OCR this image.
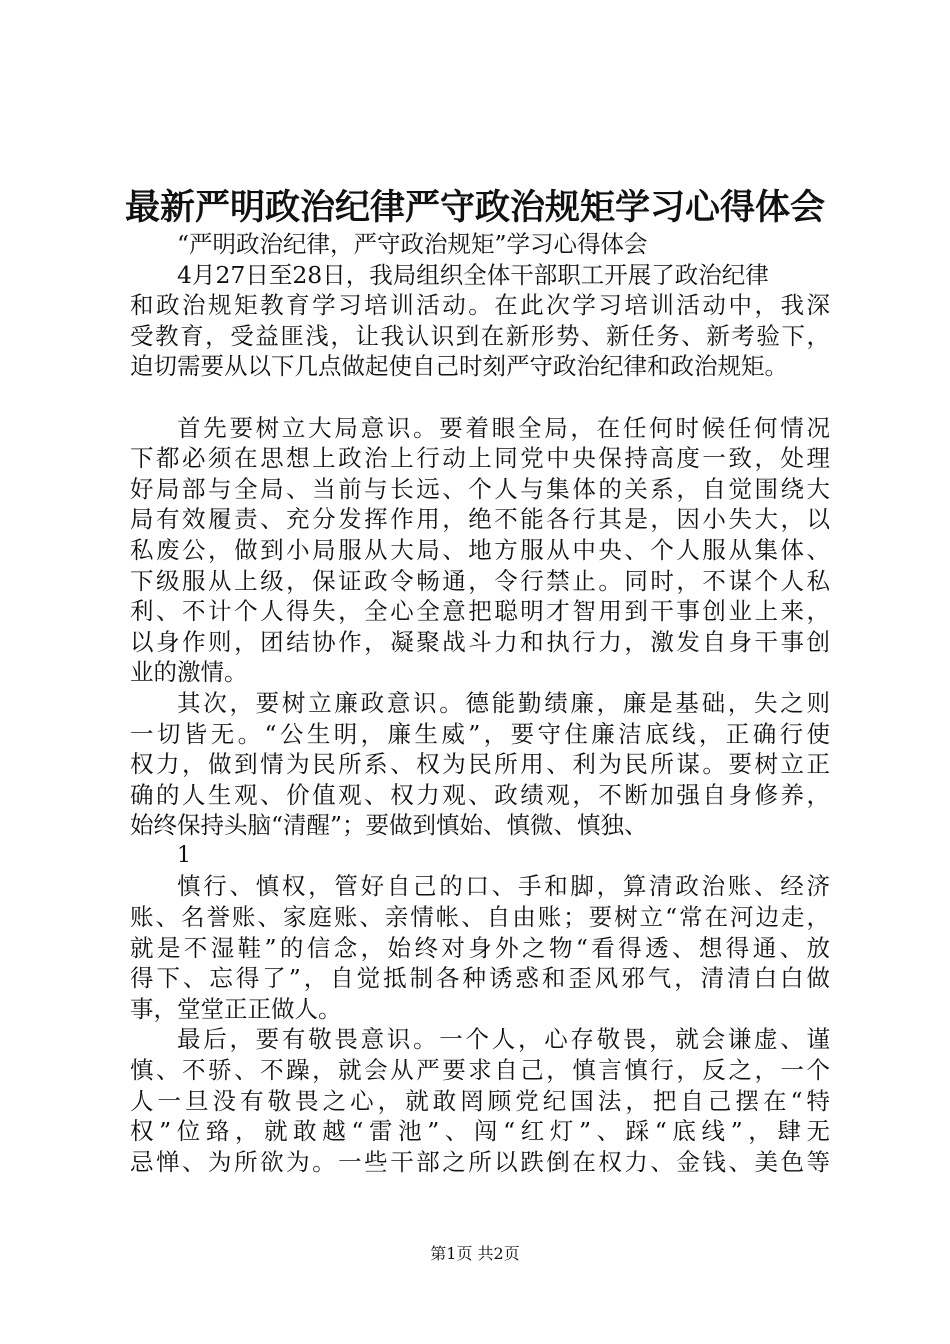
最新严明政治纪律严守政治规矩学习心得体会
“严明政治纪律，严守政治规矩”学习心得体会
4月27日至28日，我局组织全体干部职工开展了政治纪律
和政治规矩教育学习培训活动。在此次学习培训活动中，我深
受教育，受益匪浅，让我认识到在新形势、新任务、新考验下，
迫切需要从以下几点做起使自己时刻严守政治纪律和政治规矩。
首先要树立大局意识。要着眼全局，在任何时候任何情况
下都必须在思想上政治上行动上同党中央保持高度一致，处理
好局部与全局、当前与长远、个人与集体的关系，自觉围绕大
局有效履责、充分发挥作用，绝不能各行其是，因小失大，以
私废公，做到小局服从大局、地方服从中央、个人服从集体、
下级服从上级，保证政令畅通，令行禁止。同时，不谋个人私
利、不计个人得失，全心全意把聪明才智用到干事创业上来，
以身作则，团结协作，凝聚战斗力和执行力，激发自身干事创
业的激情。
其次，要树立廉政意识。德能勤绩廉，廉是基础，失之则
一切皆无。“公生明，廉生威”，要守住廉洁底线，正确行使
权力，做到情为民所系、权为民所用、利为民所谋。要树立正
确的人生观、价值观、权力观、政绩观，不断加强自身修养，
始终保持头脑“清醒”；要做到慎始、慎微、慎独、
1
慎行、慎权，管好自己的口、手和脚，算清政治账、经济
账、名誉账、家庭账、亲情帐、自由账；要树立“常在河边走，
就是不湿鞋”的信念，始终对身外之物“看得透、想得通、放
得下、忘得了”，自觉抵制各种诱惑和歪风邪气，清清白白做
事，堂堂正正做人。
最后，要有敬畏意识。一个人，心存敬畏，就会谦虚、谨
慎、不骄、不躁，就会从严要求自己，慎言慎行，反之，一个
人一旦没有敬畏之心，就敢罔顾党纪国法，把自己摆在“特
权”位臵，就敢越“雷池”、闯“红灯”、踩“底线”，肆无
忌惮、为所欲为。一些干部之所以跌倒在权力、金钱、美色等
第1页 共2页
